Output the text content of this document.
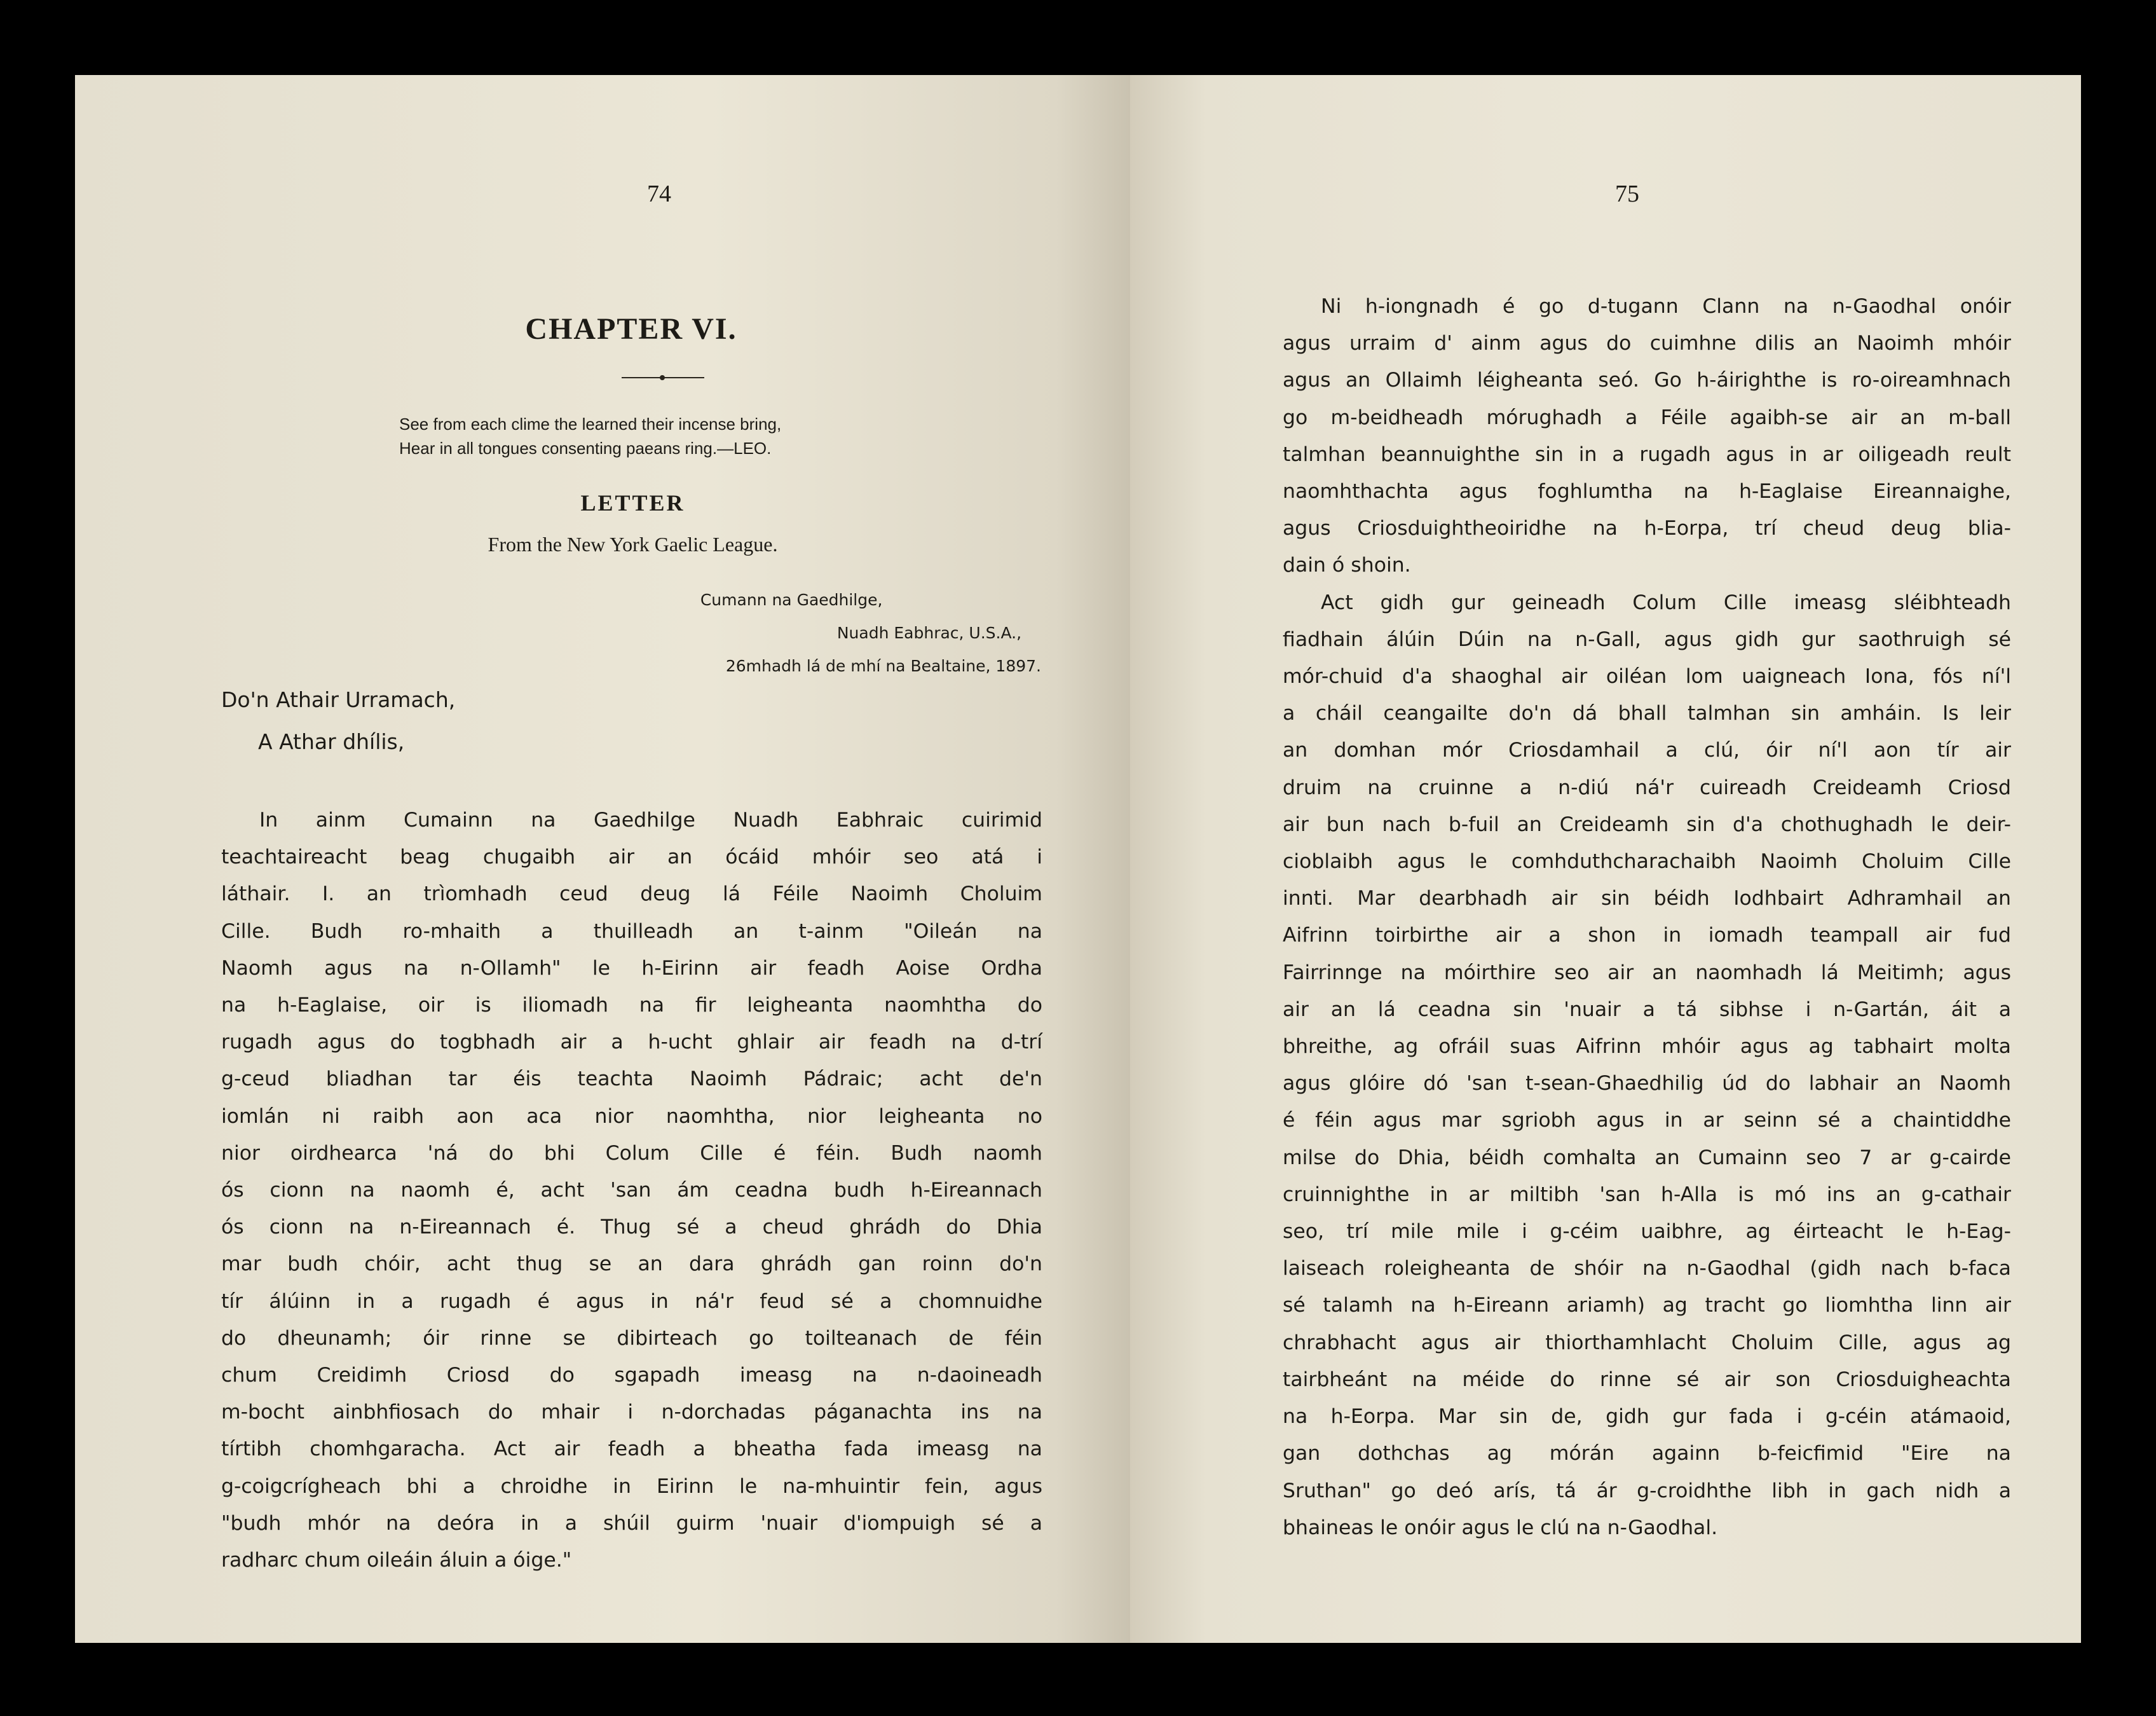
74

CHAPTER VI.

See from each clime the learned their incense bring,

Hear in all tongues consenting paeans ring.—LEO.

LETTER

From the New York Gaelic League.

Cumann na Gaedhilge,

Nuadh Eabhrac, U.S.A.,

26mhadh lá de mhí na Bealtaine, 1897.

Do'n Athair Urramach,

A Athar dhílis,

In ainm Cumainn na Gaedhilge Nuadh Eabhraic cuirimid
teachtaireacht beag chugaibh air an ócáid mhóir seo atá i
láthair. I. an trìomhadh ceud deug lá Féile Naoimh Choluim
Cille. Budh ro-mhaith a thuilleadh an t-ainm "Oileán na
Naomh agus na n-Ollamh" le h-Eirinn air feadh Aoise Ordha
na h-Eaglaise, oir is iliomadh na fir leigheanta naomhtha do
rugadh agus do togbhadh air a h-ucht ghlair air feadh na d-trí
g-ceud bliadhan tar éis teachta Naoimh Pádraic; acht de'n
iomlán ni raibh aon aca nior naomhtha, nior leigheanta no
nior oirdhearca 'ná do bhi Colum Cille é féin. Budh naomh
ós cionn na naomh é, acht 'san ám ceadna budh h-Eireannach
ós cionn na n-Eireannach é. Thug sé a cheud ghrádh do Dhia
mar budh chóir, acht thug se an dara ghrádh gan roinn do'n
tír álúinn in a rugadh é agus in ná'r feud sé a chomnuidhe
do dheunamh; óir rinne se dibirteach go toilteanach de féin
chum Creidimh Criosd do sgapadh imeasg na n-daoineadh
m-bocht ainbhfiosach do mhair i n-dorchadas páganachta ins na
tírtibh chomhgaracha. Act air feadh a bheatha fada imeasg na
g-coigcrígheach bhi a chroidhe in Eirinn le na-mhuintir fein, agus
"budh mhór na deóra in a shúil guirm 'nuair d'iompuigh sé a
radharc chum oileáin áluin a óige."

75

Ni h-iongnadh é go d-tugann Clann na n-Gaodhal onóir
agus urraim d' ainm agus do cuimhne dilis an Naoimh mhóir
agus an Ollaimh léigheanta seó. Go h-áirighthe is ro-oireamhnach
go m-beidheadh mórughadh a Féile agaibh-se air an m-ball
talmhan beannuighthe sin in a rugadh agus in ar oiligeadh reult
naomhthachta agus foghlumtha na h-Eaglaise Eireannaighe,
agus Criosduightheoiridhe na h-Eorpa, trí cheud deug blia-
dain ó shoin.
Act gidh gur geineadh Colum Cille imeasg sléibhteadh
fiadhain álúin Dúin na n-Gall, agus gidh gur saothruigh sé
mór-chuid d'a shaoghal air oiléan lom uaigneach Iona, fós ní'l
a cháil ceangailte do'n dá bhall talmhan sin amháin. Is leir
an domhan mór Criosdamhail a clú, óir ní'l aon tír air
druim na cruinne a n-diú ná'r cuireadh Creideamh Criosd
air bun nach b-fuil an Creideamh sin d'a chothughadh le deir-
cioblaibh agus le comhduthcharachaibh Naoimh Choluim Cille
innti. Mar dearbhadh air sin béidh Iodhbairt Adhramhail an
Aifrinn toirbirthe air a shon in iomadh teampall air fud
Fairrinnge na móirthire seo air an naomhadh lá Meitimh; agus
air an lá ceadna sin 'nuair a tá sibhse i n-Gartán, áit a
bhreithe, ag ofráil suas Aifrinn mhóir agus ag tabhairt molta
agus glóire dó 'san t-sean-Ghaedhilig úd do labhair an Naomh
é féin agus mar sgriobh agus in ar seinn sé a chaintiddhe
milse do Dhia, béidh comhalta an Cumainn seo 7 ar g-cairde
cruinnighthe in ar miltibh 'san h-Alla is mó ins an g-cathair
seo, trí mile mile i g-céim uaibhre, ag éirteacht le h-Eag-
laiseach roleigheanta de shóir na n-Gaodhal (gidh nach b-faca
sé talamh na h-Eireann ariamh) ag tracht go liomhtha linn air
chrabhacht agus air thiorthamhlacht Choluim Cille, agus ag
tairbheánt na méide do rinne sé air son Criosduigheachta
na h-Eorpa. Mar sin de, gidh gur fada i g-céin atámaoid,
gan dothchas ag mórán againn b-feicfimid "Eire na
Sruthan" go deó arís, tá ár g-croidhthe libh in gach nidh a
bhaineas le onóir agus le clú na n-Gaodhal.
